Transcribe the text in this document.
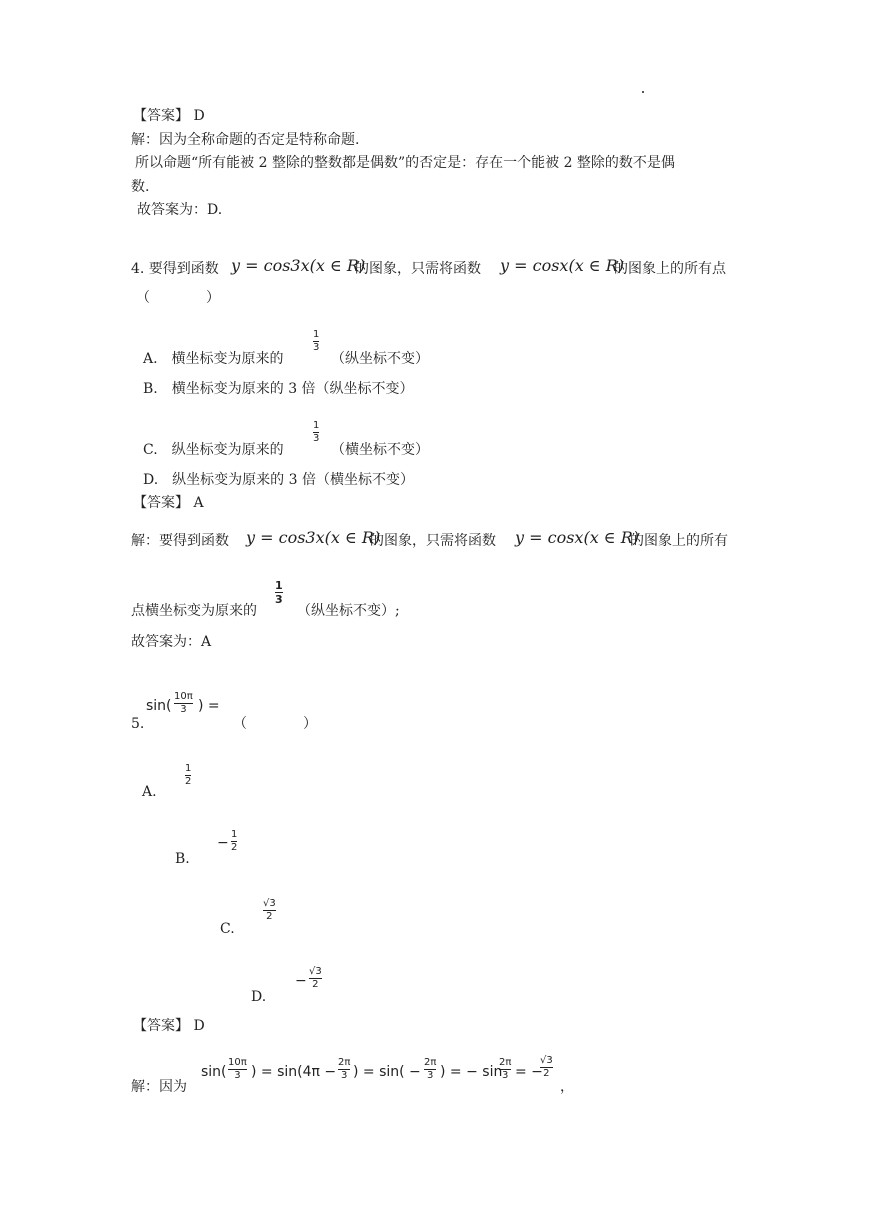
【答案】 D
解：因为全称命题的否定是特称命题.
所以命题“所有能被 2 整除的整数都是偶数”的否定是：存在一个能被 2 整除的数不是偶
数.
故答案为：D.
4. 要得到函数 y = cos3x(x ∈ R)
的图象，只需将函数 y = cosx(x ∈ R)
的图象上的所有点
（　　　　）
1
3
A.　横坐标变为原来的	（纵坐标不变）
B.　横坐标变为原来的 3 倍（纵坐标不变）
1
3
C.　纵坐标变为原来的	（横坐标不变）
D.　纵坐标变为原来的 3 倍（横坐标不变）
【答案】 A
解：要得到函数 y = cos3x(x ∈ R)
的图象，只需将函数 y = cosx(x ∈ R)
的图象上的所有
1
3
点横坐标变为原来的	（纵坐标不变）;
故答案为：A
sin(
10π
3 ) =
5.	（　　　　）
1
2
A.
−
1
2
B.
√3
2
C.
−
√3
2
D.
【答案】 D
sin(
10π
3 ) = sin(4π −
2π
3 ) = sin( −
2π
3 ) = − sin
2π
3 = −
√3
2
解：因为	，
